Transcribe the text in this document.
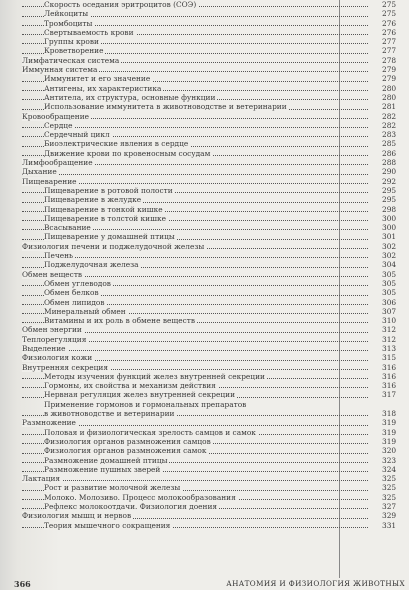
Скорость оседания эритроцитов (СОЭ)	275
Лейкоциты	275
Тромбоциты	276
Свертываемость крови	276
Группы крови	277
Кроветворение	277
Лимфатическая система	278
Иммунная система	279
Иммунитет и его значение	279
Антигены, их характеристика	280
Антитела, их структура, основные функции	280
Использование иммунитета в животноводстве и ветеринарии	281
Кровообращение	282
Сердце	282
Сердечный цикл	283
Биоэлектрические явления в сердце	285
Движение крови по кровеносным сосудам	286
Лимфообращение	288
Дыхание	290
Пищеварение	292
Пищеварение в ротовой полости	295
Пищеварение в желудке	295
Пищеварение в тонкой кишке	298
Пищеварение в толстой кишке	300
Всасывание	300
Пищеварение у домашней птицы	301
Физиология печени и поджелудочной железы	302
Печень	302
Поджелудочная железа	304
Обмен веществ	305
Обмен углеводов	305
Обмен белков	305
Обмен липидов	306
Минеральный обмен	307
Витамины и их роль в обмене веществ	310
Обмен энергии	312
Теплорегуляция	312
Выделение	313
Физиология кожи	315
Внутренняя секреция	316
Методы изучения функций желез внутренней секреции	316
Гормоны, их свойства и механизм действия	316
Нервная регуляция желез внутренней секреции	317
Применение гормонов и гормональных препаратов
в животноводстве и ветеринарии	318
Размножение	319
Половая и физиологическая зрелость самцов и самок	319
Физиология органов размножения самцов	319
Физиология органов размножения самок	320
Размножение домашней птицы	323
Размножение пушных зверей	324
Лактация	325
Рост и развитие молочной железы	325
Молоко. Молозиво. Процесс молокообразования	325
Рефлекс молокоотдачи. Физиология доения	327
Физиология мышц и нервов	329
Теория мышечного сокращения	331
366	АНАТОМИЯ И ФИЗИОЛОГИЯ ЖИВОТНЫХ
